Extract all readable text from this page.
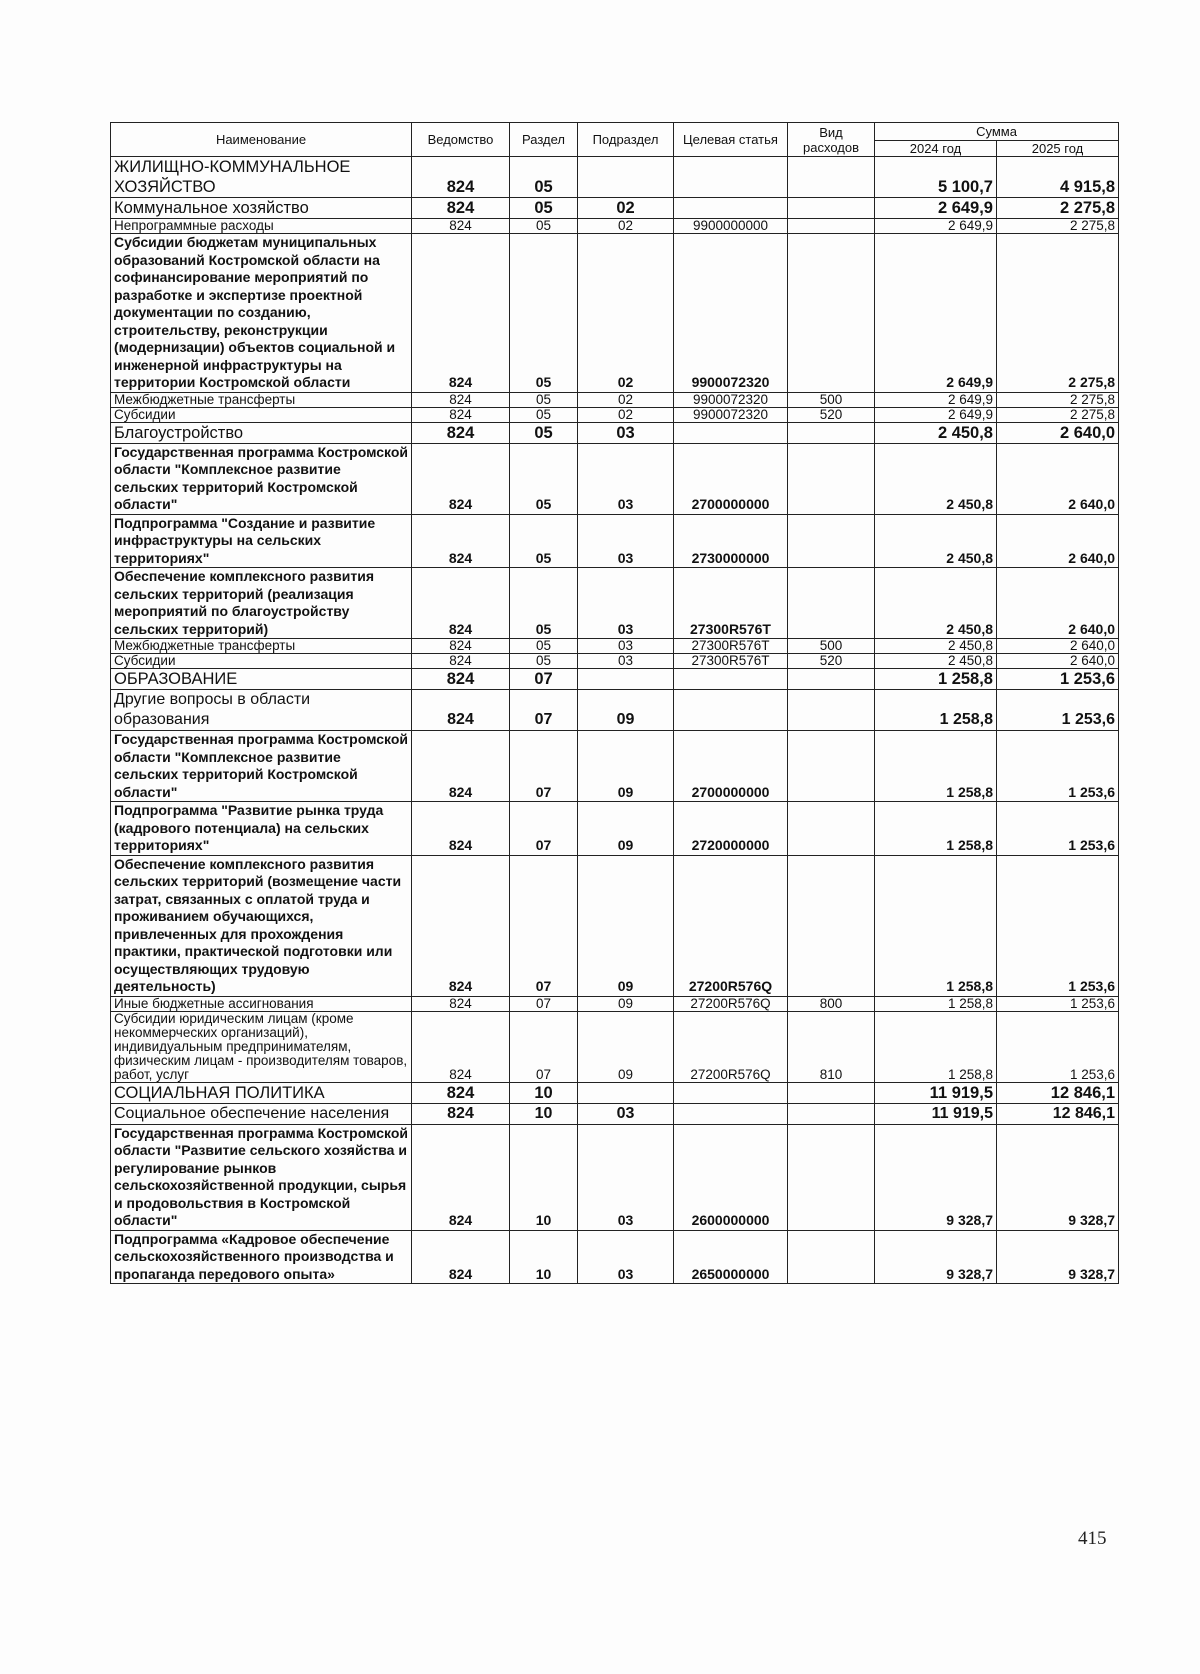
Наименование	Ведомство	Раздел	Подраздел	Целевая статья	Вид расходов	Сумма	
						2024 год	2025 год
ЖИЛИЩНО-КОММУНАЛЬНОЕ ХОЗЯЙСТВО	824	05				5 100,7	4 915,8
Коммунальное хозяйство	824	05	02			2 649,9	2 275,8
Непрограммные расходы	824	05	02	9900000000		2 649,9	2 275,8
Субсидии бюджетам муниципальных образований Костромской области на софинансирование мероприятий по разработке и экспертизе проектной документации по созданию, строительству, реконструкции (модернизации) объектов социальной и инженерной инфраструктуры на территории Костромской области	824	05	02	9900072320		2 649,9	2 275,8
Межбюджетные трансферты	824	05	02	9900072320	500	2 649,9	2 275,8
Субсидии	824	05	02	9900072320	520	2 649,9	2 275,8
Благоустройство	824	05	03			2 450,8	2 640,0
Государственная программа Костромской области "Комплексное развитие сельских территорий Костромской области"	824	05	03	2700000000		2 450,8	2 640,0
Подпрограмма "Создание и развитие инфраструктуры на сельских территориях"	824	05	03	2730000000		2 450,8	2 640,0
Обеспечение комплексного развития сельских территорий (реализация мероприятий по благоустройству сельских территорий)	824	05	03	27300R576T		2 450,8	2 640,0
Межбюджетные трансферты	824	05	03	27300R576T	500	2 450,8	2 640,0
Субсидии	824	05	03	27300R576T	520	2 450,8	2 640,0
ОБРАЗОВАНИЕ	824	07				1 258,8	1 253,6
Другие вопросы в области образования	824	07	09			1 258,8	1 253,6
Государственная программа Костромской области "Комплексное развитие сельских территорий Костромской области"	824	07	09	2700000000		1 258,8	1 253,6
Подпрограмма "Развитие рынка труда (кадрового потенциала) на сельских территориях"	824	07	09	2720000000		1 258,8	1 253,6
Обеспечение комплексного развития сельских территорий (возмещение части затрат, связанных с оплатой труда и проживанием обучающихся, привлеченных для прохождения практики, практической подготовки или осуществляющих трудовую деятельность)	824	07	09	27200R576Q		1 258,8	1 253,6
Иные бюджетные ассигнования	824	07	09	27200R576Q	800	1 258,8	1 253,6
Субсидии юридическим лицам (кроме некоммерческих организаций), индивидуальным предпринимателям, физическим лицам - производителям товаров, работ, услуг	824	07	09	27200R576Q	810	1 258,8	1 253,6
СОЦИАЛЬНАЯ ПОЛИТИКА	824	10				11 919,5	12 846,1
Социальное обеспечение населения	824	10	03			11 919,5	12 846,1
Государственная программа Костромской области "Развитие сельского хозяйства и регулирование рынков сельскохозяйственной продукции, сырья и продовольствия в Костромской области"	824	10	03	2600000000		9 328,7	9 328,7
Подпрограмма «Кадровое обеспечение сельскохозяйственного производства и пропаганда передового опыта»	824	10	03	2650000000		9 328,7	9 328,7
415
